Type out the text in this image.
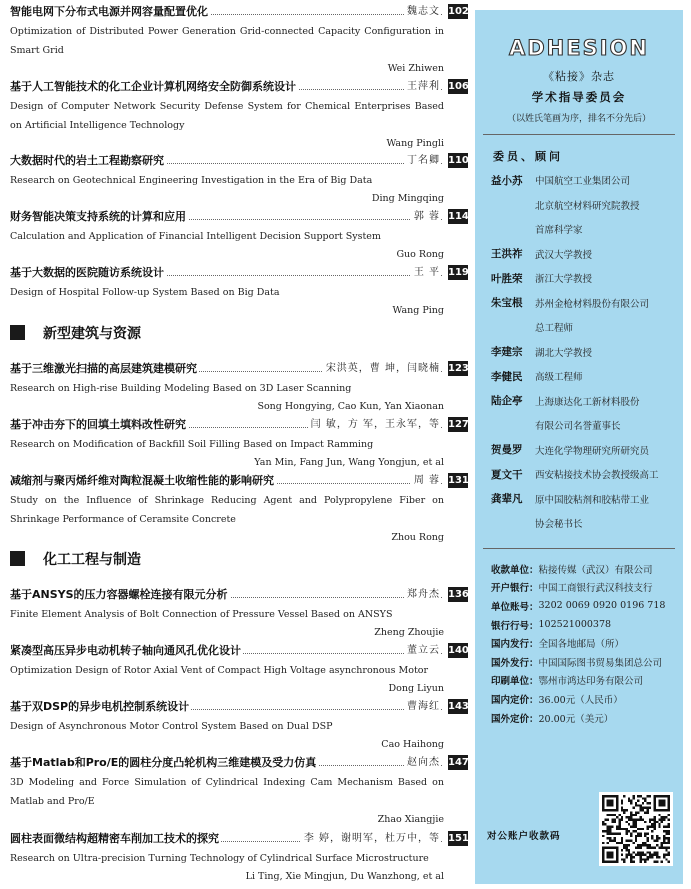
新型建筑与资源
化工工程与制造
智能电网下分布式电源并网容量配置优化	魏志文 102
Optimization of Distributed Power Generation Grid-connected Capacity Configuration in Smart Grid
Wei Zhiwen
基于人工智能技术的化工企业计算机网络安全防御系统设计	王萍利 106
Design of Computer Network Security Defense System for Chemical Enterprises Based on Artificial Intelligence Technology
Wang Pingli
大数据时代的岩土工程勘察研究	丁名卿 110
Research on Geotechnical Engineering Investigation in the Era of Big Data
Ding Mingqing
财务智能决策支持系统的计算和应用	郭 蓉 114
Calculation and Application of Financial Intelligent Decision Support System
Guo Rong
基于大数据的医院随访系统设计	王 平 119
Design of Hospital Follow-up System Based on Big Data
Wang Ping
基于三维激光扫描的高层建筑建模研究	宋洪英，曹 坤，闫晓楠 123
Research on High-rise Building Modeling Based on 3D Laser Scanning
Song Hongying, Cao Kun, Yan Xiaonan
基于冲击夯下的回填土填料改性研究	闫 敏，方 军，王永军，等 127
Research on Modification of Backfill Soil Filling Based on Impact Ramming
Yan Min, Fang Jun, Wang Yongjun, et al
减缩剂与聚丙烯纤维对陶粒混凝土收缩性能的影响研究	周 蓉 131
Study on the Influence of Shrinkage Reducing Agent and Polypropylene Fiber on Shrinkage Performance of Ceramsite Concrete
Zhou Rong
基于ANSYS的压力容器螺栓连接有限元分析	郑舟杰 136
Finite Element Analysis of Bolt Connection of Pressure Vessel Based on ANSYS
Zheng Zhoujie
紧凑型高压异步电动机转子轴向通风孔优化设计	董立云 140
Optimization Design of Rotor Axial Vent of Compact High Voltage asynchronous Motor
Dong Liyun
基于双DSP的异步电机控制系统设计	曹海红 143
Design of Asynchronous Motor Control System Based on Dual DSP
Cao Haihong
基于Matlab和Pro/E的圆柱分度凸轮机构三维建模及受力仿真	赵向杰 147
3D Modeling and Force Simulation of Cylindrical Indexing Cam Mechanism Based on Matlab and Pro/E
Zhao Xiangjie
圆柱表面微结构超精密车削加工技术的探究	李 婷，谢明军，杜万中，等 151
Research on Ultra-precision Turning Technology of Cylindrical Surface Microstructure
Li Ting, Xie Mingjun, Du Wanzhong, et al
ADHESION
《粘接》杂志
学术指导委员会
（以姓氏笔画为序，排名不分先后）
委员、顾问
益小苏	中国航空工业集团公司
北京航空材料研究院教授
首席科学家
王洪祚	武汉大学教授
叶胜荣	浙江大学教授
朱宝根	苏州金枪材料股份有限公司
总工程师
李建宗	湖北大学教授
李健民	高级工程师
陆企亭	上海康达化工新材料股份
有限公司名誉董事长
贺曼罗	大连化学物理研究所研究员
夏文干	西安粘接技术协会教授级高工
龚辈凡	原中国胶粘剂和胶粘带工业
协会秘书长
收款单位： 粘接传媒（武汉）有限公司
开户银行： 中国工商银行武汉科技支行
单位账号： 3202 0069 0920 0196 718
银行行号： 102521000378
国内发行： 全国各地邮局（所）
国外发行： 中国国际图书贸易集团总公司
印刷单位： 鄂州市鸿达印务有限公司
国内定价： 36.00元（人民币）
国外定价： 20.00元（美元）
对公账户收款码
